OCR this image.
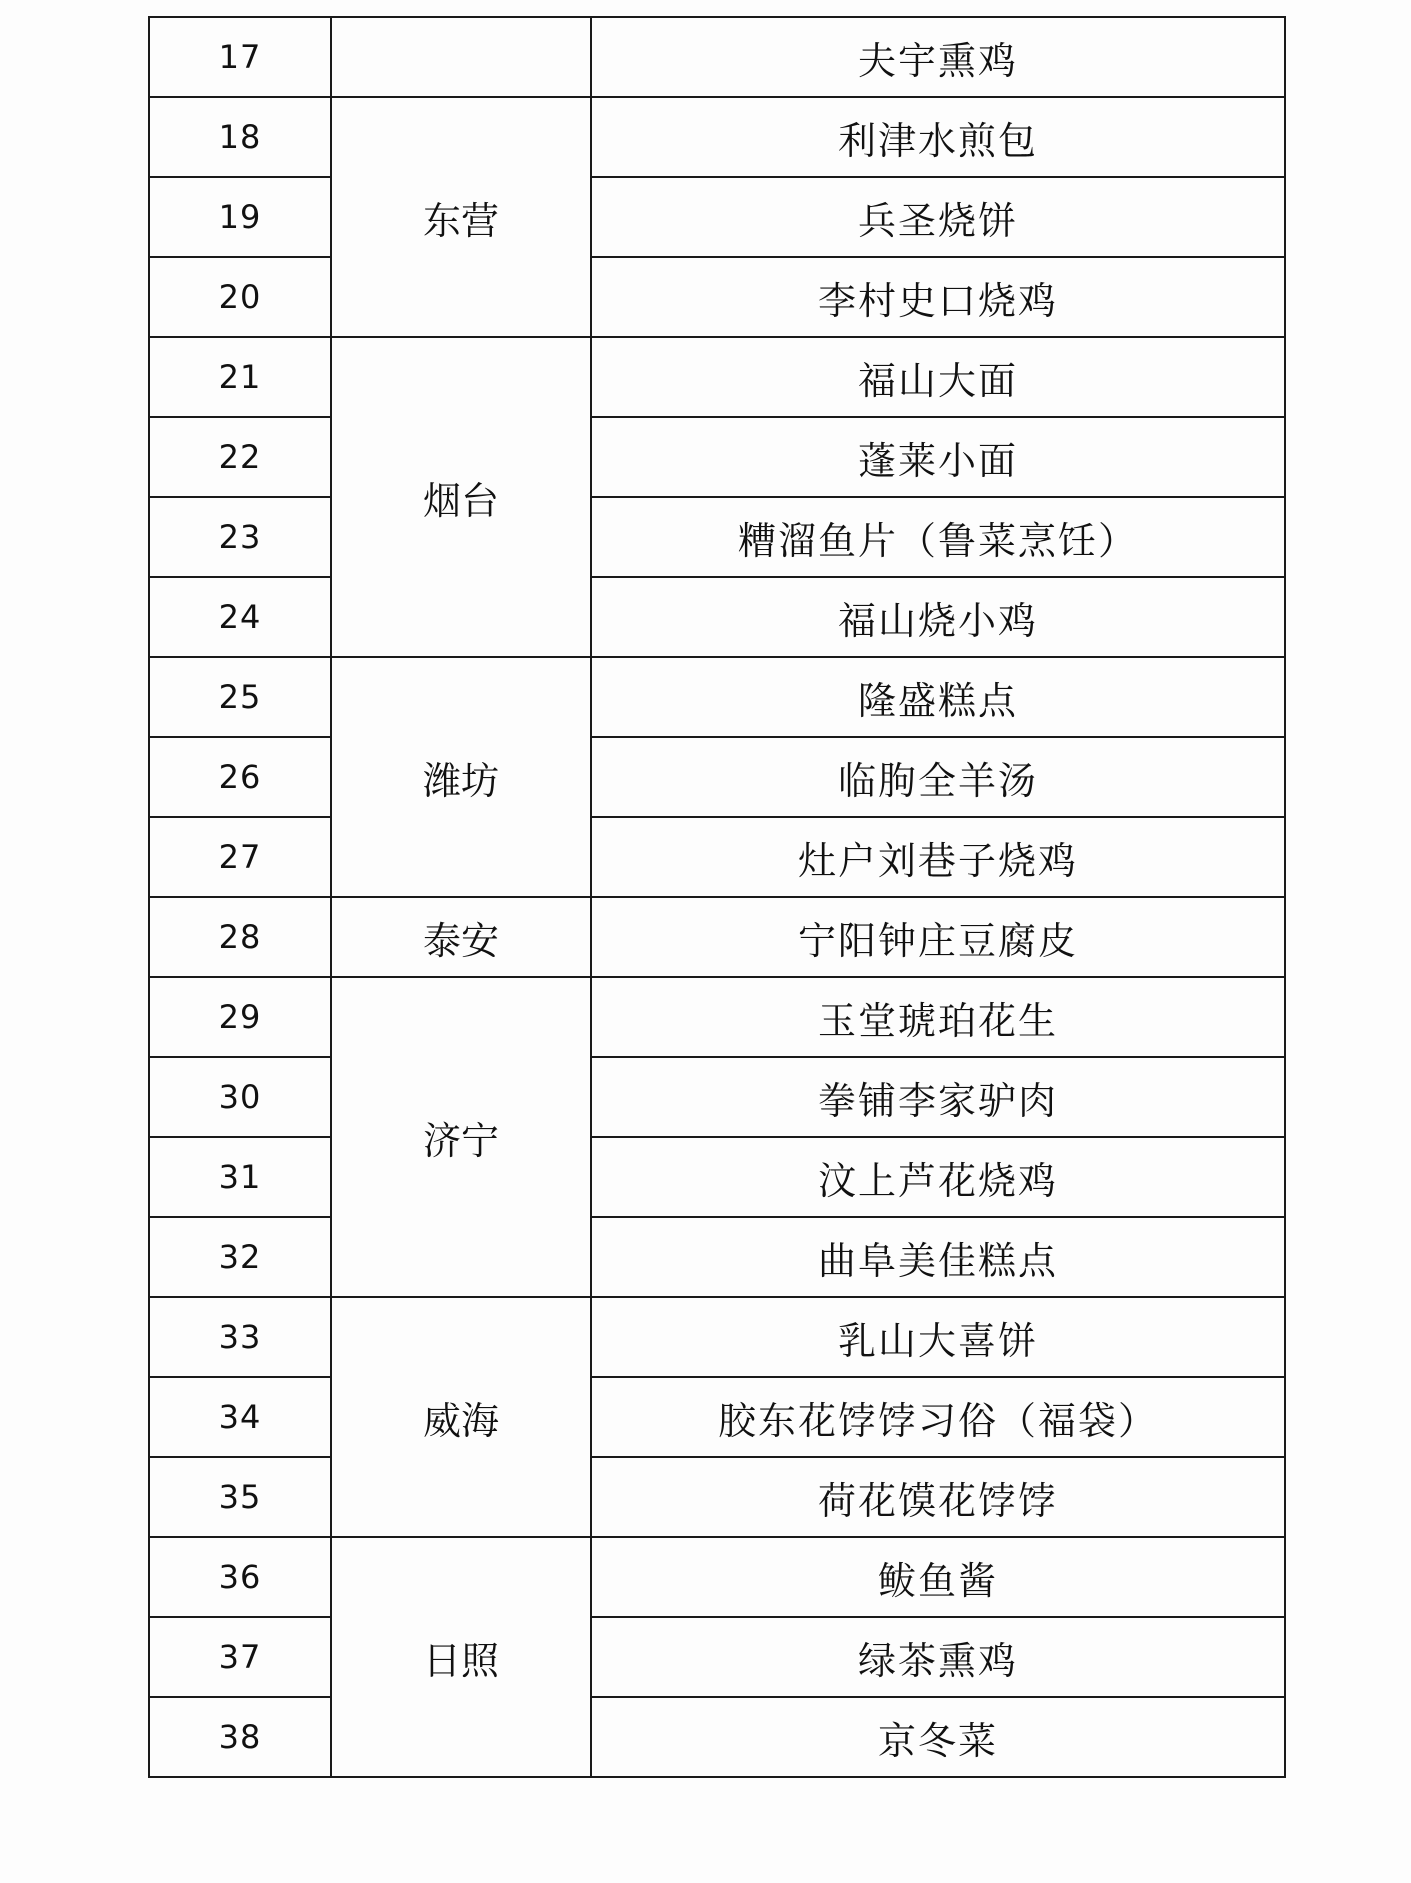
17		夫宇熏鸡
18	东营	利津水煎包
19		兵圣烧饼
20		李村史口烧鸡
21	烟台	福山大面
22		蓬莱小面
23		糟溜鱼片（鲁菜烹饪）
24		福山烧小鸡
25	潍坊	隆盛糕点
26		临朐全羊汤
27		灶户刘巷子烧鸡
28	泰安	宁阳钟庄豆腐皮
29	济宁	玉堂琥珀花生
30		拳铺李家驴肉
31		汶上芦花烧鸡
32		曲阜美佳糕点
33	威海	乳山大喜饼
34		胶东花饽饽习俗（福袋）
35		荷花馍花饽饽
36	日照	鲅鱼酱
37		绿茶熏鸡
38		京冬菜
